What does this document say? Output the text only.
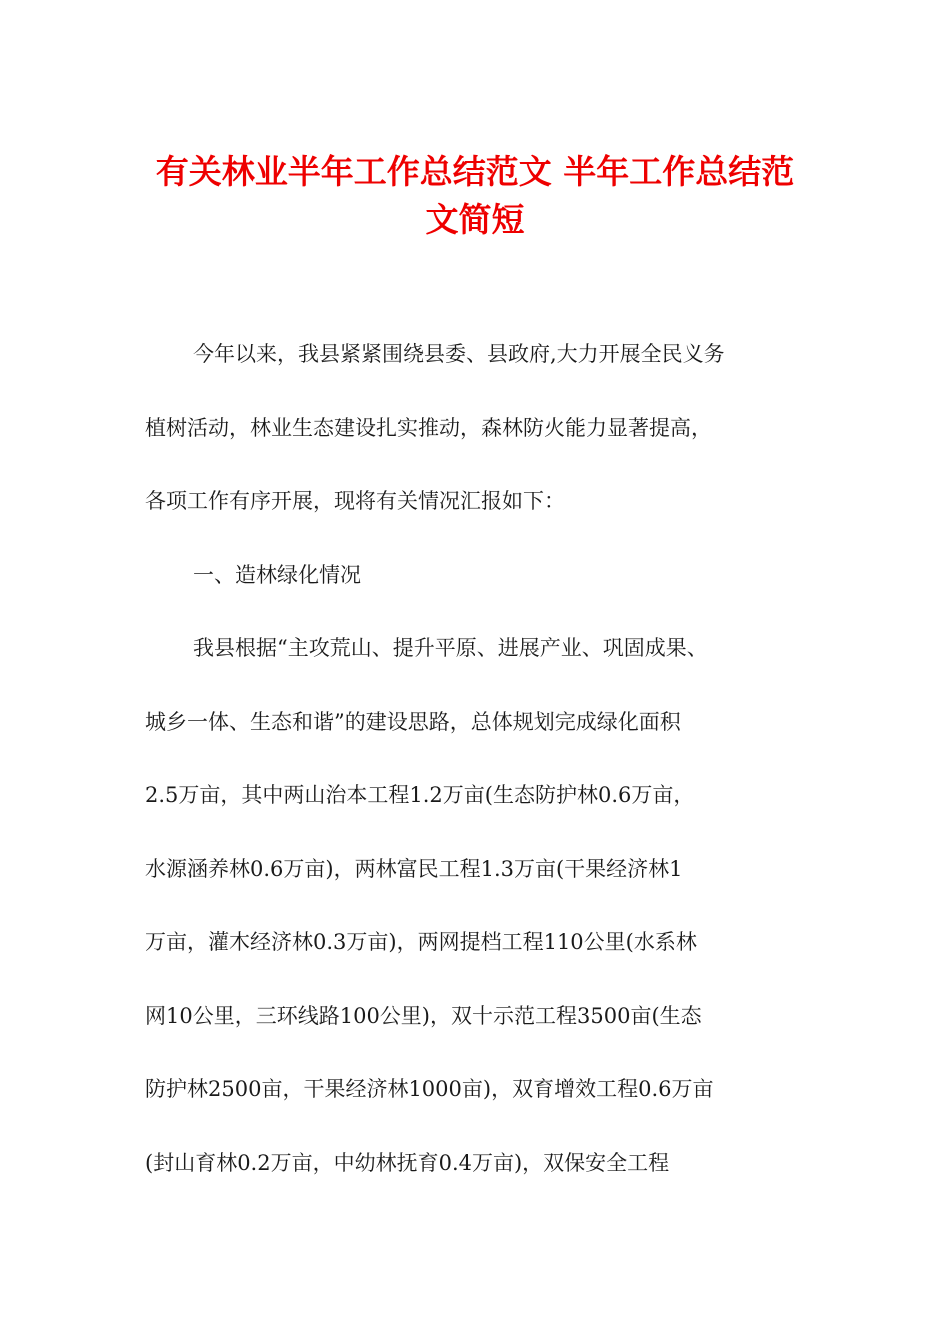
有关林业半年工作总结范文 半年工作总结范
文简短
今年以来，我县紧紧围绕县委、县政府,大力开展全民义务
植树活动，林业生态建设扎实推动，森林防火能力显著提高，
各项工作有序开展，现将有关情况汇报如下：
一、造林绿化情况
我县根据“主攻荒山、提升平原、进展产业、巩固成果、
城乡一体、生态和谐”的建设思路，总体规划完成绿化面积
2.5万亩，其中两山治本工程1.2万亩(生态防护林0.6万亩，
水源涵养林0.6万亩)，两林富民工程1.3万亩(干果经济林1
万亩，灌木经济林0.3万亩)，两网提档工程110公里(水系林
网10公里，三环线路100公里)，双十示范工程3500亩(生态
防护林2500亩，干果经济林1000亩)，双育增效工程0.6万亩
(封山育林0.2万亩，中幼林抚育0.4万亩)，双保安全工程
